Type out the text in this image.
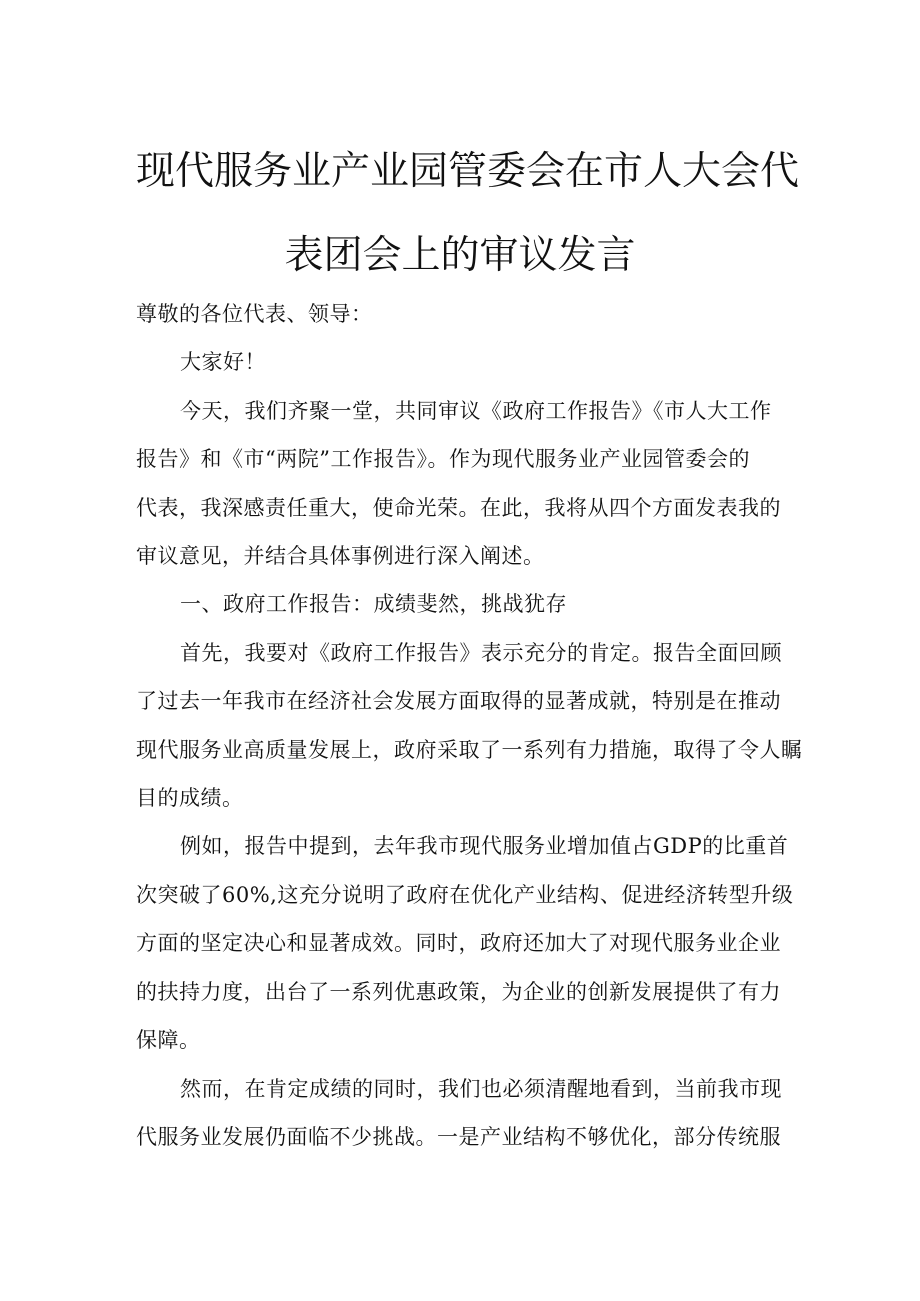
现代服务业产业园管委会在市人大会代
表团会上的审议发言
尊敬的各位代表、领导：
大家好！
今天，我们齐聚一堂，共同审议《政府工作报告》《市人大工作
报告》和《市“两院”工作报告》。作为现代服务业产业园管委会的
代表，我深感责任重大，使命光荣。在此，我将从四个方面发表我的
审议意见，并结合具体事例进行深入阐述。
一、政府工作报告：成绩斐然，挑战犹存
首先，我要对《政府工作报告》表示充分的肯定。报告全面回顾
了过去一年我市在经济社会发展方面取得的显著成就，特别是在推动
现代服务业高质量发展上，政府采取了一系列有力措施，取得了令人瞩
目的成绩。
例如，报告中提到，去年我市现代服务业增加值占GDP的比重首
次突破了60%,这充分说明了政府在优化产业结构、促进经济转型升级
方面的坚定决心和显著成效。同时，政府还加大了对现代服务业企业
的扶持力度，出台了一系列优惠政策，为企业的创新发展提供了有力
保障。
然而，在肯定成绩的同时，我们也必须清醒地看到，当前我市现
代服务业发展仍面临不少挑战。一是产业结构不够优化，部分传统服
